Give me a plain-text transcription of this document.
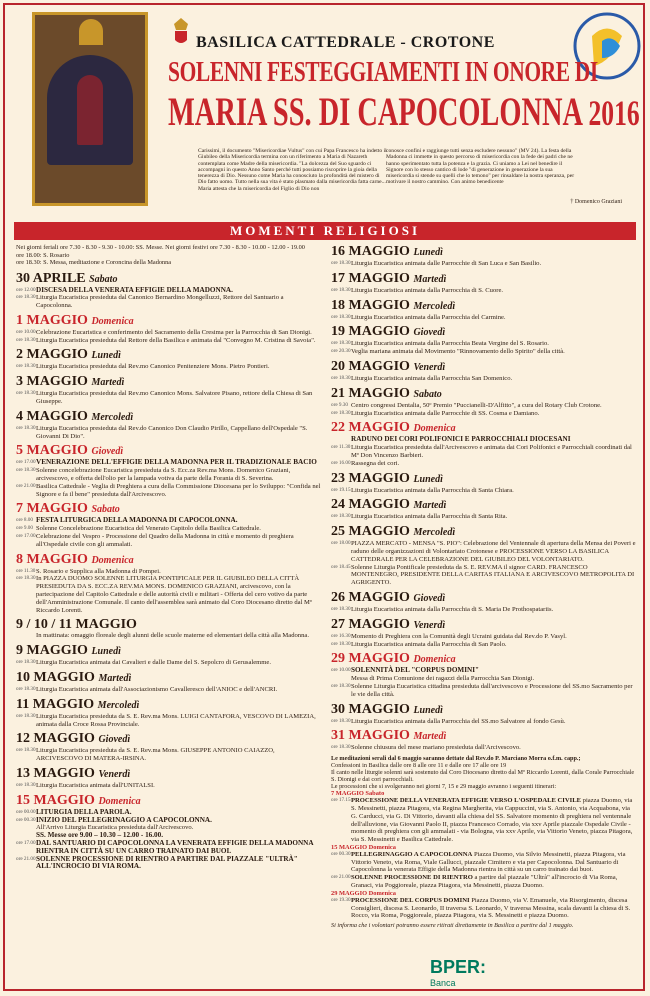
BASILICA CATTEDRALE - CROTONE
SOLENNI FESTEGGIAMENTI IN ONORE DI
MARIA SS. DI CAPOCOLONNA 2016
Carissimi, il documento "Misericordiae Vultus" con cui Papa Francesco ha indetto il Giubileo della Misericordia termina con un riferimento a Maria di Nazareth contemplata come Madre della misericordia. "La dolcezza del Suo sguardo ci accompagni in questo Anno Santo perché tutti possiamo riscoprire la gioia della tenerezza di Dio. Nessuno come Maria ha conosciuto la profondità del mistero di Dio fatto uomo. Tutto nella sua vita è stato plasmato dalla misericordia fatta carne... Maria attesta che la misericordia del Figlio di Dio non
conosce confini e raggiunge tutti senza escludere nessuno" (MV 24). La festa della Madonna ci immette in questo percorso di misericordia con la fede dei padri che ne hanno sperimentato tutta la potenza e la grazia. Ci uniamo a Lei nel benedire il Signore con lo stesso cantico di lode "di generazione in generazione la sua misericordia si stende su quelli che lo temono" per rinsaldare la nostra speranza, per motivare il nostro cammino. Con animo benedicente
† Domenico Graziani
MOMENTI RELIGIOSI
Nei giorni feriali ore 7.30 - 8.30 - 9.30 - 10.00: SS. Messe. Nei giorni festivi ore 7.30 - 8.30 - 10.00 - 12.00 - 19.00
ore 18.00: S. Rosario
ore 18.30: S. Messa, meditazione e Coroncina della Madonna
30 APRILE Sabato
ore 12.00 DISCESA DELLA VENERATA EFFIGIE DELLA MADONNA.
ore 18.30 Liturgia Eucaristica presieduta dal Canonico Bernardino Mongelluzzi, Rettore del Santuario a Capocolonna.
1 MAGGIO Domenica
ore 10.00 Celebrazione Eucaristica e conferimento del Sacramento della Cresima per la Parrocchia di San Dionigi.
ore 18.30 Liturgia Eucaristica presieduta dal Rettore della Basilica e animata dal "Convegno M. Cristina di Savoia".
2 MAGGIO Lunedì
ore 18.30 Liturgia Eucaristica presieduta dal Rev.mo Canonico Penitenziere Mons. Pietro Pontieri.
3 MAGGIO Martedì
ore 18.30 Liturgia Eucaristica presieduta dal Rev.mo Canonico Mons. Salvatore Pisano, rettore della Chiesa di San Giuseppe.
4 MAGGIO Mercoledì
ore 18.30 Liturgia Eucaristica presieduta dal Rev.do Canonico Don Claudio Pirillo, Cappellano dell'Ospedale "S. Giovanni Di Dio".
5 MAGGIO Giovedì
ore 17.00 VENERAZIONE DELL'EFFIGIE DELLA MADONNA PER IL TRADIZIONALE BACIO
ore 18.30 Solenne concelebrazione Eucaristica presieduta da S. Ecc.za Rev.ma Mons. Domenico Graziani, arcivescovo, e offerta dell'olio per la lampada votiva da parte della Forania di S. Severina.
ore 21.00 Basilica Cattedrale - Veglia di Preghiera a cura della Commissione Diocesana per lo Sviluppo: "Confida nel Signore e fa il bene" presieduta dall'Arcivescovo.
7 MAGGIO Sabato
ore 8.00 FESTA LITURGICA DELLA MADONNA DI CAPOCOLONNA.
ore 9.00 Solenne Concelebrazione Eucaristica del Venerato Capitolo della Basilica Cattedrale.
ore 17.00 Celebrazione del Vespro - Processione del Quadro della Madonna in città e momento di preghiera all'Ospedale civile con gli ammalati.
8 MAGGIO Domenica
ore 11.30 S. Rosario e Supplica alla Madonna di Pompei.
ore 18.30 In PIAZZA DUOMO SOLENNE LITURGIA PONTIFICALE PER IL GIUBILEO DELLA CITTÀ PRESIEDUTA DA S. ECC.ZA REV.MA MONS. DOMENICO GRAZIANI, arcivescovo, con la partecipazione del Capitolo Cattedrale e delle autorità civili e militari - Offerta del cero votivo da parte dell'Amministrazione Comunale. Il canto dell'assemblea sarà animato dal Coro Diocesano diretto dal Mº Riccardo Lorenti.
9 / 10 / 11 MAGGIO
In mattinata: omaggio floreale degli alunni delle scuole materne ed elementari della città alla Madonna.
9 MAGGIO Lunedì
ore 18.30 Liturgia Eucaristica animata dai Cavalieri e dalle Dame del S. Sepolcro di Gerusalemme.
10 MAGGIO Martedì
ore 18.30 Liturgia Eucaristica animata dall'Associazionismo Cavalleresco dell'ANIOC e dell'ANCRI.
11 MAGGIO Mercoledì
ore 18.30 Liturgia Eucaristica presieduta da S. E. Rev.ma Mons. LUIGI CANTAFORA, VESCOVO DI LAMEZIA, animata dalla Croce Rossa Provinciale.
12 MAGGIO Giovedì
ore 18.30 Liturgia Eucaristica presieduta da S. E. Rev.ma Mons. GIUSEPPE ANTONIO CAIAZZO, ARCIVESCOVO DI MATERA-IRSINA.
13 MAGGIO Venerdì
ore 18.30 Liturgia Eucaristica animata dall'UNITALSI.
15 MAGGIO Domenica
ore 00.00 LITURGIA DELLA PAROLA.
ore 00.30 INIZIO DEL PELLEGRINAGGIO A CAPOCOLONNA.
All'Arrivo Liturgia Eucaristica presieduta dall'Arcivescovo.
SS. Messe ore 9.00 – 10.30 – 12.00 - 16.00.
ore 17.00 DAL SANTUARIO DI CAPOCOLONNA LA VENERATA EFFIGIE DELLA MADONNA RIENTRA IN CITTÀ SU UN CARRO TRAINATO DAI BUOI.
ore 21.00 SOLENNE PROCESSIONE DI RIENTRO A PARTIRE DAL PIAZZALE "ULTRÀ" ALL'INCROCIO DI VIA ROMA.
16 MAGGIO Lunedì
ore 18.30 Liturgia Eucaristica animata dalle Parrocchie di San Luca e San Basilio.
17 MAGGIO Martedì
ore 18.30 Liturgia Eucaristica animata dalla Parrocchia di S. Cuore.
18 MAGGIO Mercoledì
ore 18.30 Liturgia Eucaristica animata dalla Parrocchia del Carmine.
19 MAGGIO Giovedì
ore 18.30 Liturgia Eucaristica animata dalla Parrocchia Beata Vergine del S. Rosario.
ore 20.30 Veglia mariana animata dal Movimento "Rinnovamento dello Spirito" della città.
20 MAGGIO Venerdì
ore 18.30 Liturgia Eucaristica animata dalla Parrocchia San Domenico.
21 MAGGIO Sabato
ore 9.30 Centro congressi Dentalia, 50º Premio "Puccianelli-D'Alfitto", a cura del Rotary Club Crotone.
ore 18.30 Liturgia Eucaristica animata dalle Parrocchie di SS. Cosma e Damiano.
22 MAGGIO Domenica
RADUNO DEI CORI POLIFONICI E PARROCCHIALI DIOCESANI
ore 11.30 Liturgia Eucaristica presieduta dall'Arcivescovo e animata dai Cori Polifonici e Parrocchiali coordinati dal Mº Don Vincenzo Barbieri.
ore 16.00 Rassegna dei cori.
23 MAGGIO Lunedì
ore 19.15 Liturgia Eucaristica animata dalla Parrocchia di Santa Chiara.
24 MAGGIO Martedì
ore 18.30 Liturgia Eucaristica animata dalla Parrocchia di Santa Rita.
25 MAGGIO Mercoledì
ore 18.00 PIAZZA MERCATO - MENSA "S. PIO": Celebrazione del Ventennale di apertura della Mensa dei Poveri e raduno delle organizzazioni di Volontariato Crotonese e PROCESSIONE VERSO LA BASILICA CATTEDRALE PER LA CELEBRAZIONE DEL GIUBILEO DEL VOLONTARIATO.
ore 18.45 Solenne Liturgia Pontificale presieduta da S. E. REV.MA il signor CARD. FRANCESCO MONTENEGRO, PRESIDENTE DELLA CARITAS ITALIANA E ARCIVESCOVO METROPOLITA DI AGRIGENTO.
26 MAGGIO Giovedì
ore 18.30 Liturgia Eucaristica animata dalla Parrocchia di S. Maria De Prothospatariis.
27 MAGGIO Venerdì
ore 16.30 Momento di Preghiera con la Comunità degli Ucraini guidata dal Rev.do P. Vasyl.
ore 18.30 Liturgia Eucaristica animata dalla Parrocchia di San Paolo.
29 MAGGIO Domenica
ore 10.00 SOLENNITÀ DEL "CORPUS DOMINI"
Messa di Prima Comunione dei ragazzi della Parrocchia San Dionigi.
ore 18.30 Solenne Liturgia Eucaristica cittadina presieduta dall'arcivescovo e Processione del SS.mo Sacramento per le vie della città.
30 MAGGIO Lunedì
ore 18.30 Liturgia Eucaristica animata dalla Parrocchia del SS.mo Salvatore al fondo Gesù.
31 MAGGIO Martedì
ore 18.30 Solenne chiusura del mese mariano presieduta dall'Arcivescovo.
Le meditazioni serali dal 6 maggio saranno dettate dal Rev.do P. Marciano Morra o.f.m. capp.;
Confessioni in Basilica dalle ore 8 alle ore 11 e dalle ore 17 alle ore 19
Il canto nelle liturgie solenni sarà sostenuto dal Coro Diocesano diretto dal Mº Riccardo Lorenti, dalla Corale Parrocchiale S. Dionigi e dai cori parrocchiali.
Le processioni che si svolgeranno nei giorni 7, 15 e 29 maggio avranno i seguenti itinerari:
7 MAGGIO Sabato
ore 17.15 PROCESSIONE DELLA VENERATA EFFIGIE VERSO L'OSPEDALE CIVILE piazza Duomo, via S. Messinetti, piazza Pitagora, via Regina Margherita, via Cappuccini, via S. Antonio, via Acquabona, via G. Carducci, via G. Di Vittorio, davanti alla chiesa del SS. Salvatore momento di preghiera nel ventennale dell'alluvione, via Giovanni Paolo II, piazza Francesco Corrado, via xxv Aprile piazzale Ospedale Civile - momento di preghiera con gli ammalati - via Bologna, via xxv Aprile, via Vittorio Veneto, piazza Pitagora, via S. Messinetti e Basilica Cattedrale.
15 MAGGIO Domenica
ore 00.30 PELLEGRINAGGIO A CAPOCOLONNA Piazza Duomo, via Silvio Messinetti, piazza Pitagora, via Vittorio Veneto, via Roma, Viale Gallucci, piazzale Cimitero e via per Capocolonna. Dal Santuario di Capocolonna la venerata Effigie della Madonna rientra in città su un carro trainato dai buoi.
ore 21.00 SOLENNE PROCESSIONE DI RIENTRO a partire dal piazzale "Ultrà" all'incrocio di Via Roma, Granaci, via Poggioreale, piazza Pitagora, via Messinetti, piazza Duomo.
29 MAGGIO Domenica
ore 19.30 PROCESSIONE DEL CORPUS DOMINI Piazza Duomo, via V. Emanuele, via Risorgimento, discesa Consiglieri, discesa S. Leonardo, II traversa S. Leonardo, V traversa Messina, scala davanti la chiesa di S. Rocco, via Roma, Poggioreale, piazza Pitagora, via S. Messinetti e piazza Duomo.
Si informa che i volontari potranno essere ritirati direttamente in Basilica a partire dal 1 maggio.
BPER:
Banca
